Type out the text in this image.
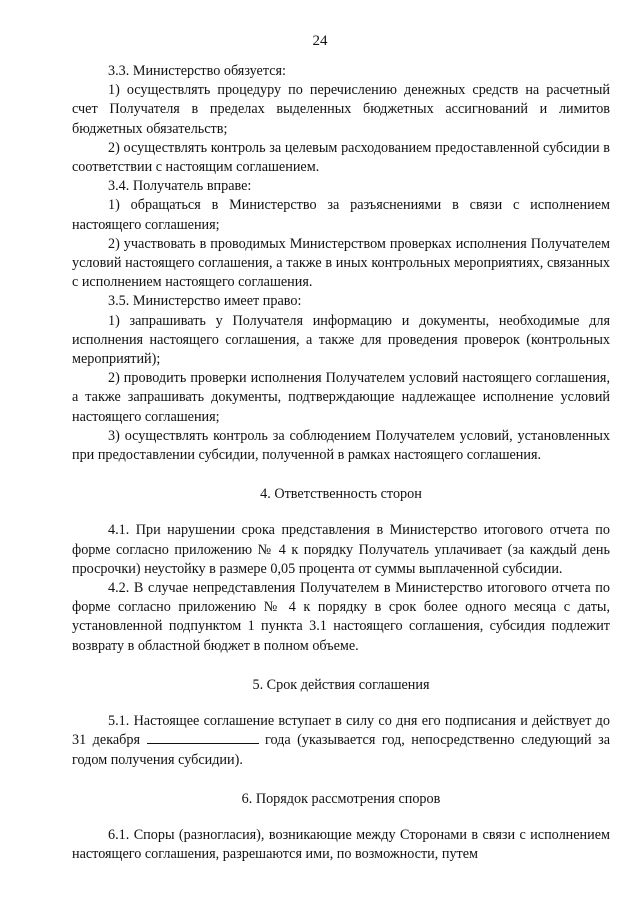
24

3.3. Министерство обязуется:

1) осуществлять процедуру по перечислению денежных средств на расчетный счет Получателя в пределах выделенных бюджетных ассигнований и лимитов бюджетных обязательств;

2) осуществлять контроль за целевым расходованием предоставленной субсидии в соответствии с настоящим соглашением.

3.4. Получатель вправе:

1) обращаться в Министерство за разъяснениями в связи с исполнением настоящего соглашения;

2) участвовать в проводимых Министерством проверках исполнения Получателем условий настоящего соглашения, а также в иных контрольных мероприятиях, связанных с исполнением настоящего соглашения.

3.5. Министерство имеет право:

1) запрашивать у Получателя информацию и документы, необходимые для исполнения настоящего соглашения, а также для проведения проверок (контрольных мероприятий);

2) проводить проверки исполнения Получателем условий настоящего соглашения, а также запрашивать документы, подтверждающие надлежащее исполнение условий настоящего соглашения;

3) осуществлять контроль за соблюдением Получателем условий, установленных при предоставлении субсидии, полученной в рамках настоящего соглашения.

4. Ответственность сторон

4.1. При нарушении срока представления в Министерство итогового отчета по форме согласно приложению № 4 к порядку Получатель уплачивает (за каждый день просрочки) неустойку в размере 0,05 процента от суммы выплаченной субсидии.

4.2. В случае непредставления Получателем в Министерство итогового отчета по форме согласно приложению № 4 к порядку в срок более одного месяца с даты, установленной подпунктом 1 пункта 3.1 настоящего соглашения, субсидия подлежит возврату в областной бюджет в полном объеме.

5. Срок действия соглашения

5.1. Настоящее соглашение вступает в силу со дня его подписания и действует до 31 декабря	года (указывается год, непосредственно следующий за годом получения субсидии).

6. Порядок рассмотрения споров

6.1. Споры (разногласия), возникающие между Сторонами в связи с исполнением настоящего соглашения, разрешаются ими, по возможности, путем
